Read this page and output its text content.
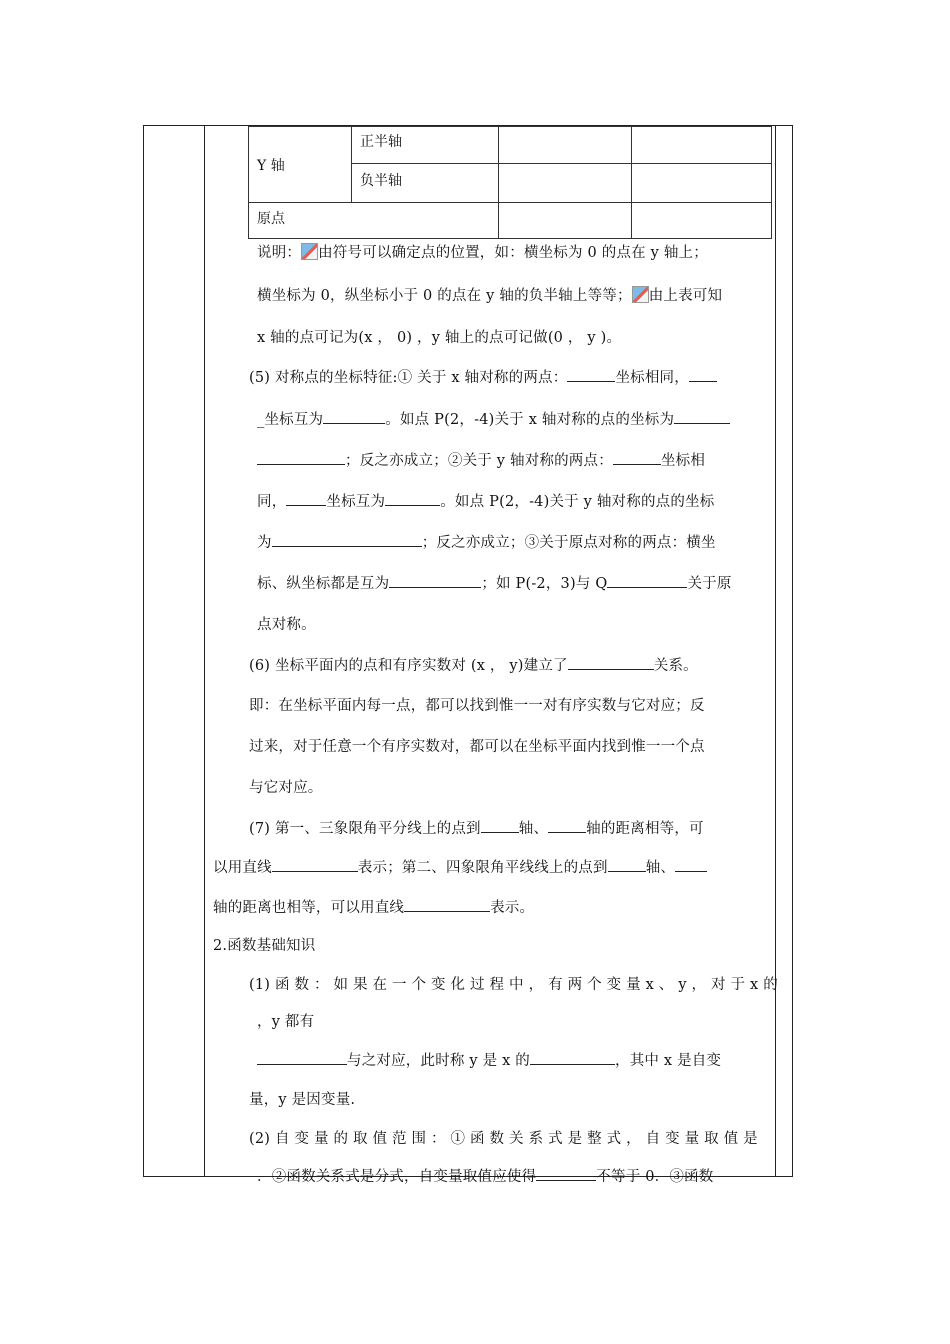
Y 轴	正半轴		
	负半轴		
原点			
说明： 由符号可以确定点的位置，如：横坐标为 0 的点在 y 轴上；
横坐标为 0，纵坐标小于 0 的点在 y 轴的负半轴上等等； 由上表可知
x 轴的点可记为(x ， 0) ，y 轴上的点可记做(0 ， y )。
(5) 对称点的坐标特征:① 关于 x 轴对称的两点：	坐标相同，
_坐标互为	。如点 P(2，-4)关于 x 轴对称的点的坐标为
；反之亦成立；②关于 y 轴对称的两点：	坐标相
同，	坐标互为	。如点 P(2，-4)关于 y 轴对称的点的坐标
为	；反之亦成立；③关于原点对称的两点：横坐
标、纵坐标都是互为	；如 P(-2，3)与 Q	关于原
点对称。
(6) 坐标平面内的点和有序实数对 (x ， y)建立了	关系。
即：在坐标平面内每一点，都可以找到惟一一对有序实数与它对应；反
过来，对于任意一个有序实数对，都可以在坐标平面内找到惟一一个点
与它对应。
(7) 第一、三象限角平分线上的点到	轴、	轴的距离相等，可
以用直线	表示；第二、四象限角平线线上的点到	轴、
轴的距离也相等，可以用直线	表示。
2.函数基础知识
(1) 函 数 ： 如 果 在 一 个 变 化 过 程 中 ， 有 两 个 变 量 x 、 y ， 对 于 x 的
，y 都有
与之对应，此时称 y 是 x 的	，其中 x 是自变
量，y 是因变量.
(2) 自 变 量 的 取 值 范 围 ： ① 函 数 关 系 式 是 整 式 ， 自 变 量 取 值 是
．②函数关系式是分式，自变量取值应使得	不等于 0．③函数
